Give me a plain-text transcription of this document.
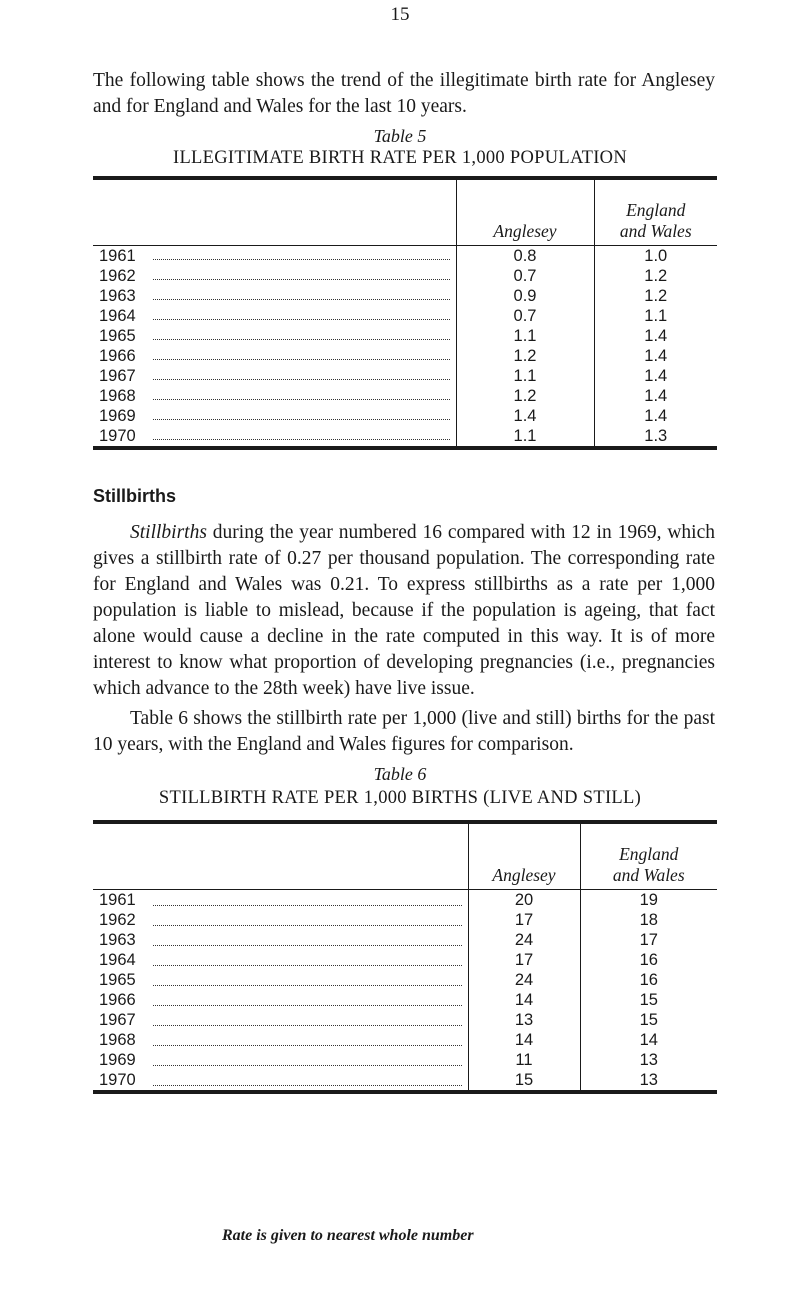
15

The following table shows the trend of the illegitimate birth rate for Anglesey and for England and Wales for the last 10 years.

Table 5

ILLEGITIMATE BIRTH RATE PER 1,000 POPULATION

	Anglesey	England
and Wales
1961	0.8	1.0
1962	0.7	1.2
1963	0.9	1.2
1964	0.7	1.1
1965	1.1	1.4
1966	1.2	1.4
1967	1.1	1.4
1968	1.2	1.4
1969	1.4	1.4
1970	1.1	1.3

Stillbirths

Stillbirths during the year numbered 16 compared with 12 in 1969, which gives a stillbirth rate of 0.27 per thousand population. The corresponding rate for England and Wales was 0.21. To express stillbirths as a rate per 1,000 population is liable to mislead, because if the population is ageing, that fact alone would cause a decline in the rate computed in this way. It is of more interest to know what proportion of developing pregnancies (i.e., pregnancies which advance to the 28th week) have live issue.

Table 6 shows the stillbirth rate per 1,000 (live and still) births for the past 10 years, with the England and Wales figures for comparison.

Table 6

STILLBIRTH RATE PER 1,000 BIRTHS (LIVE AND STILL)

	Anglesey	England
and Wales
1961	20	19
1962	17	18
1963	24	17
1964	17	16
1965	24	16
1966	14	15
1967	13	15
1968	14	14
1969	11	13
1970	15	13

Rate is given to nearest whole number
